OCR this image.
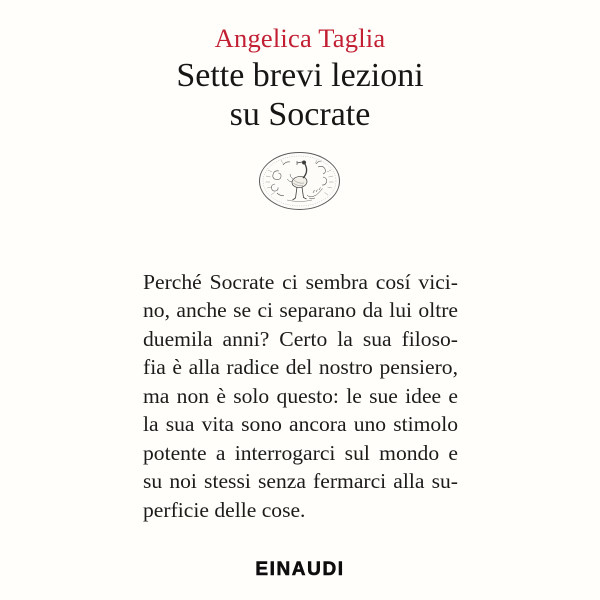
Angelica Taglia
Sette brevi lezioni
su Socrate
Perché Socrate ci sembra cosí vici-
no, anche se ci separano da lui oltre
duemila anni? Certo la sua filoso-
fia è alla radice del nostro pensiero,
ma non è solo questo: le sue idee e
la sua vita sono ancora uno stimolo
potente a interrogarci sul mondo e
su noi stessi senza fermarci alla su-
perficie delle cose.
EINAUDI
